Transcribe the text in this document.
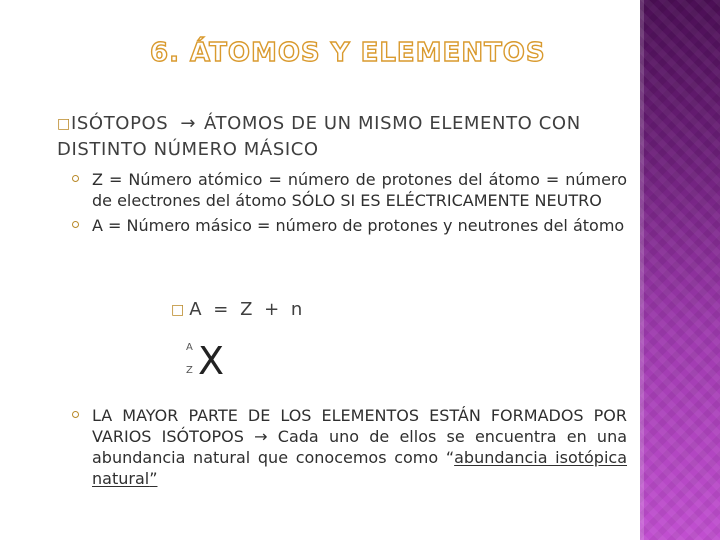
6. ÁTOMOS Y ELEMENTOS
□ISÓTOPOS → ÁTOMOS DE UN MISMO ELEMENTO CON DISTINTO NÚMERO MÁSICO
Z = Número atómico = número de protones del átomo = número de electrones del átomo SÓLO SI ES ELÉCTRICAMENTE NEUTRO
A = Número másico = número de protones y neutrones del átomo
□ A = Z + n
A
Z X
LA MAYOR PARTE DE LOS ELEMENTOS ESTÁN FORMADOS POR VARIOS ISÓTOPOS → Cada uno de ellos se encuentra en una abundancia natural que conocemos como “abundancia isotópica natural”
